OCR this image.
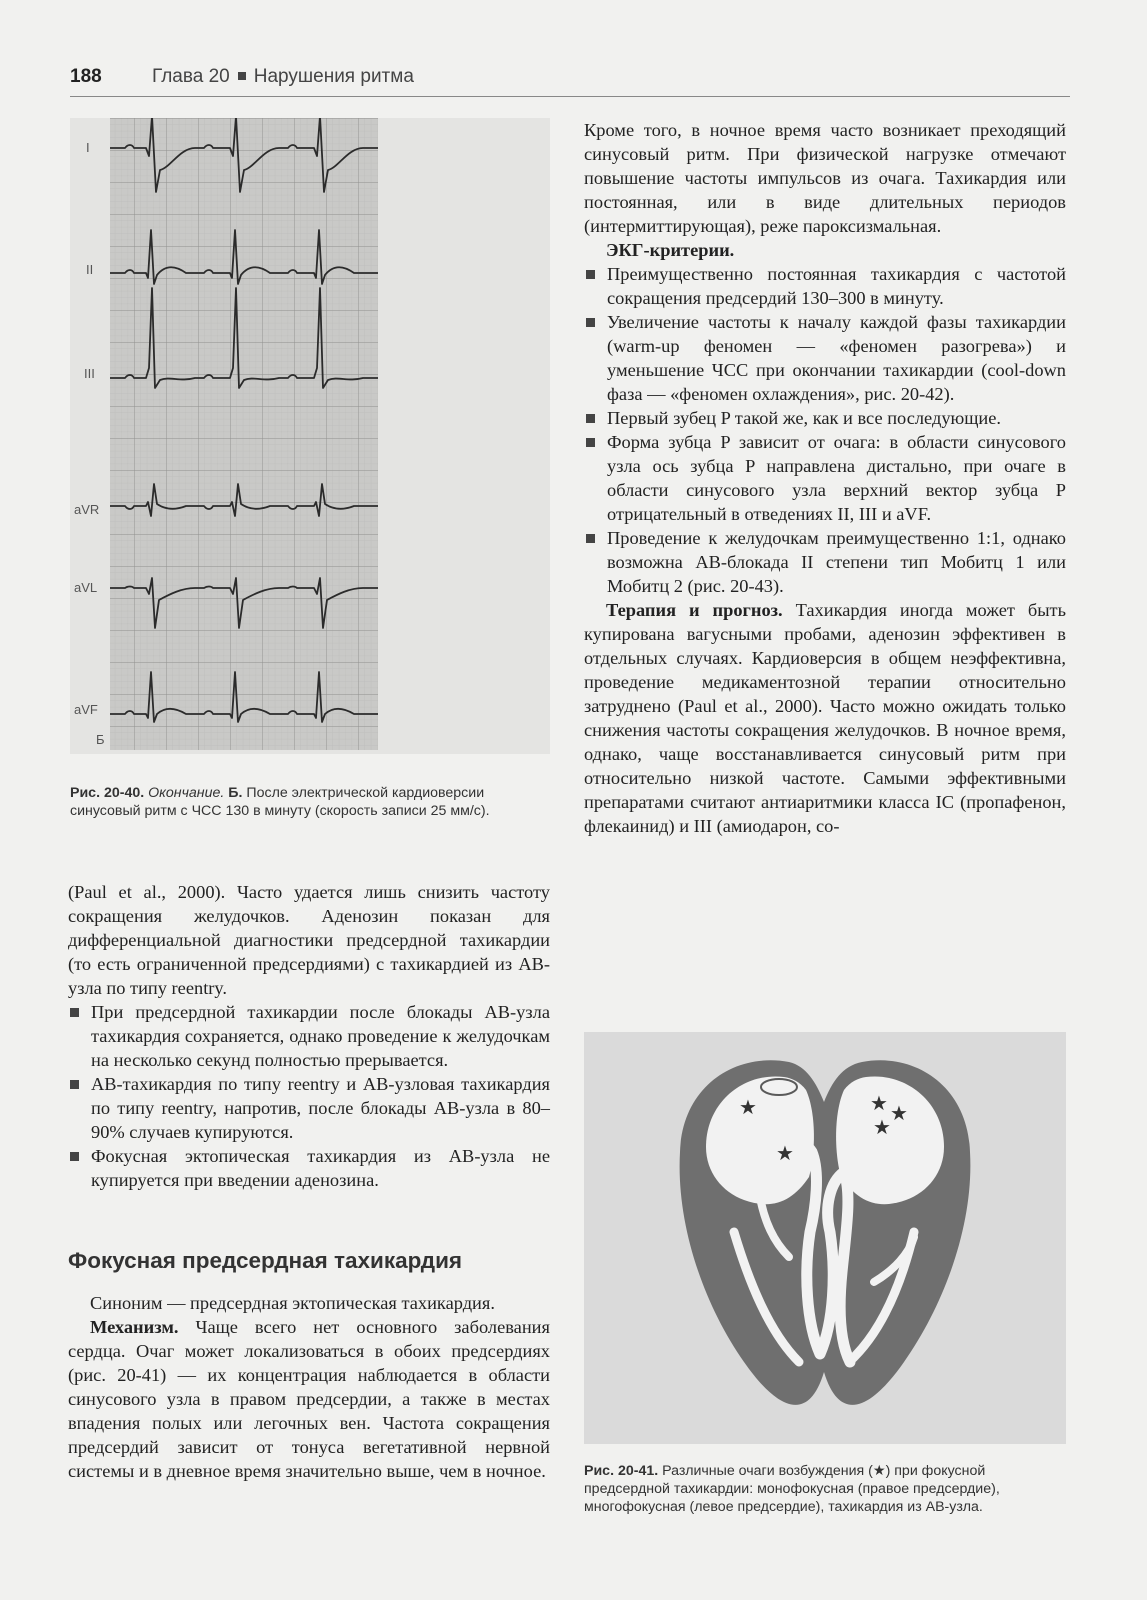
188	Глава 20 Нарушения ритма
I
II
III
aVR
aVL
aVF
Б
Рис. 20-40. Окончание. Б. После электрической кардиоверсии синусовый ритм с ЧСС 130 в минуту (скорость записи 25 мм/с).

(Paul et al., 2000). Часто удается лишь снизить частоту сокращения желудочков. Аденозин показан для дифференциальной диагностики предсердной тахикардии (то есть ограниченной предсердиями) с тахикардией из АВ-узла по типу reentry.

При предсердной тахикардии после блокады АВ-узла тахикардия сохраняется, однако проведение к желудочкам на несколько секунд полностью прерывается.
АВ-тахикардия по типу reentry и АВ-узловая тахикардия по типу reentry, напротив, после блокады АВ-узла в 80–90% случаев купируются.
Фокусная эктопическая тахикардия из АВ-узла не купируется при введении аденозина.
Фокусная предсердная тахикардия

Синоним — предсердная эктопическая тахикардия.

Механизм. Чаще всего нет основного заболевания сердца. Очаг может локализоваться в обоих предсердиях (рис. 20-41) — их концентрация наблюдается в области синусового узла в правом предсердии, а также в местах впадения полых или легочных вен. Частота сокращения предсердий зависит от тонуса вегетативной нервной системы и в дневное время значительно выше, чем в ночное.

Кроме того, в ночное время часто возникает преходящий синусовый ритм. При физической нагрузке отмечают повышение частоты импульсов из очага. Тахикардия или постоянная, или в виде длительных периодов (интермиттирующая), реже пароксизмальная.

ЭКГ-критерии.

Преимущественно постоянная тахикардия с частотой сокращения предсердий 130–300 в минуту.
Увеличение частоты к началу каждой фазы тахикардии (warm-up феномен — «феномен разогрева») и уменьшение ЧСС при окончании тахикардии (cool-down фаза — «феномен охлаждения», рис. 20-42).
Первый зубец P такой же, как и все последующие.
Форма зубца P зависит от очага: в области синусового узла ось зубца P направлена дистально, при очаге в области синусового узла верхний вектор зубца P отрицательный в отведениях II, III и aVF.
Проведение к желудочкам преимущественно 1:1, однако возможна АВ-блокада II степени тип Мобитц 1 или Мобитц 2 (рис. 20-43).

Терапия и прогноз. Тахикардия иногда может быть купирована вагусными пробами, аденозин эффективен в отдельных случаях. Кардиоверсия в общем неэффективна, проведение медикаментозной терапии относительно затруднено (Paul et al., 2000). Часто можно ожидать только снижения частоты сокращения желудочков. В ночное время, однако, чаще восстанавливается синусовый ритм при относительно низкой частоте. Самыми эффективными препаратами считают антиаритмики класса IC (пропафенон, флекаинид) и III (амиодарон, со-

★	★ ★
★
★
Рис. 20-41. Различные очаги возбуждения (★) при фокусной предсердной тахикардии: монофокусная (правое предсердие), многофокусная (левое предсердие), тахикардия из АВ-узла.
